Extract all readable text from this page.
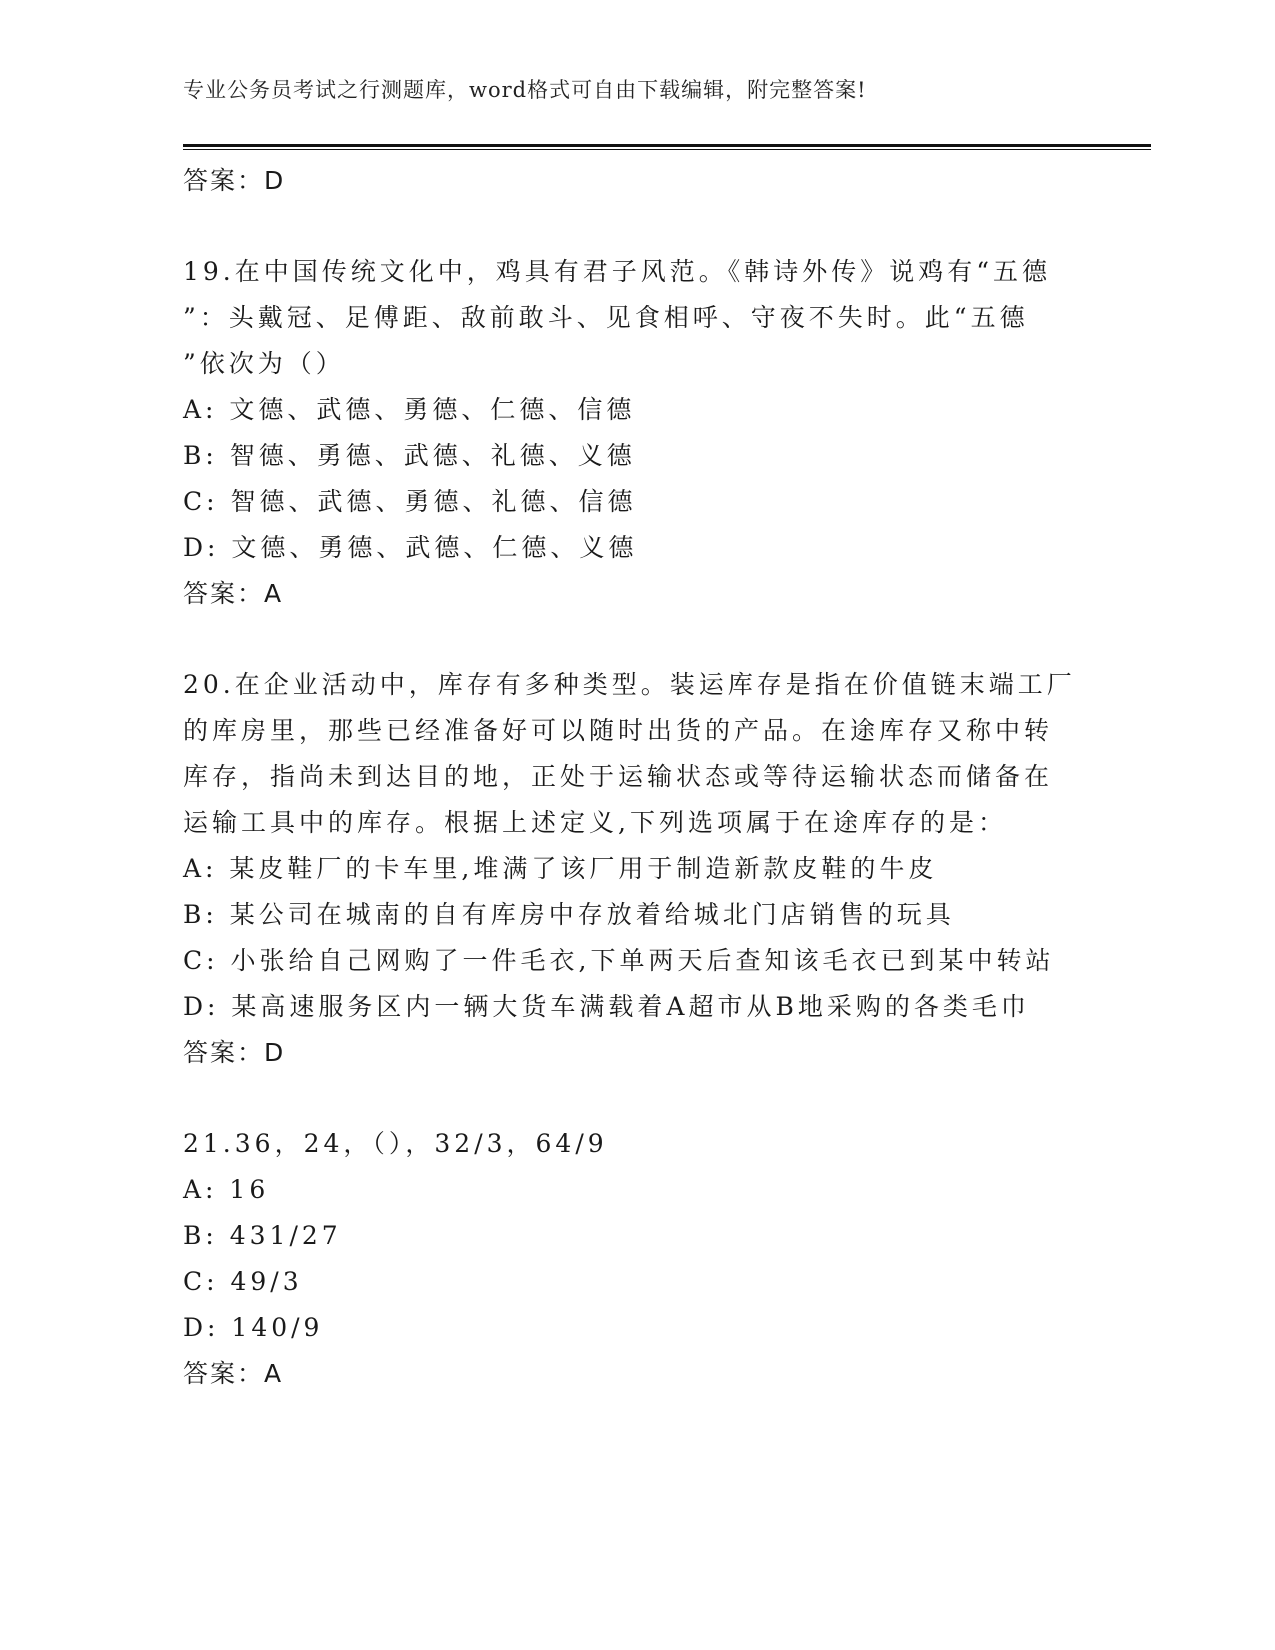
专业公务员考试之行测题库，word格式可自由下载编辑，附完整答案!
答案：D
19.在中国传统文化中，鸡具有君子风范。《韩诗外传》说鸡有“五德
”：头戴冠、足傅距、敌前敢斗、见食相呼、守夜不失时。此“五德
”依次为（）
A: 文德、武德、勇德、仁德、信德
B: 智德、勇德、武德、礼德、义德
C: 智德、武德、勇德、礼德、信德
D: 文德、勇德、武德、仁德、义德
答案：A
20.在企业活动中，库存有多种类型。装运库存是指在价值链末端工厂
的库房里，那些已经准备好可以随时出货的产品。在途库存又称中转
库存，指尚未到达目的地，正处于运输状态或等待运输状态而储备在
运输工具中的库存。根据上述定义,下列选项属于在途库存的是：
A: 某皮鞋厂的卡车里,堆满了该厂用于制造新款皮鞋的牛皮
B: 某公司在城南的自有库房中存放着给城北门店销售的玩具
C: 小张给自己网购了一件毛衣,下单两天后查知该毛衣已到某中转站
D: 某高速服务区内一辆大货车满载着A超市从B地采购的各类毛巾
答案：D
21.36，24，（），32/3，64/9
A: 16
B: 431/27
C: 49/3
D: 140/9
答案：A
